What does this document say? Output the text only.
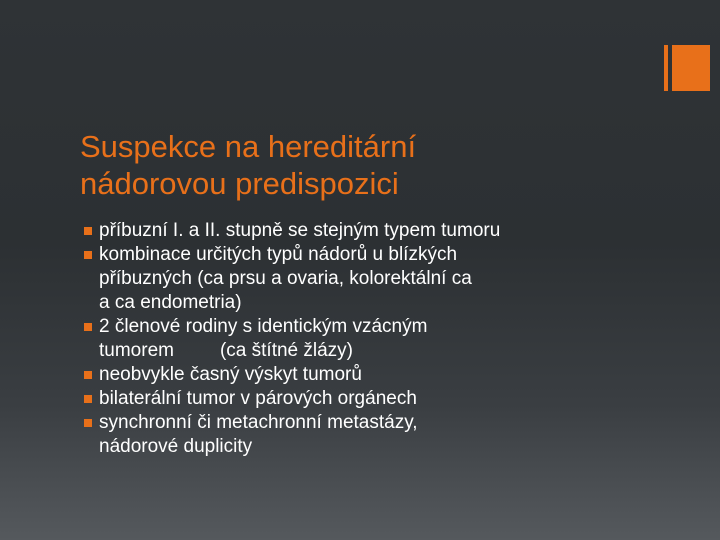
Suspekce na hereditární
nádorovou predispozici
příbuzní I. a II. stupně se stejným typem tumoru
kombinace určitých typů nádorů u blízkých
příbuzných (ca prsu a ovaria, kolorektální ca
a ca endometria)
2 členové rodiny s identickým vzácným
tumorem (ca štítné žlázy)
neobvykle časný výskyt tumorů
bilaterální tumor v párových orgánech
synchronní či metachronní metastázy,
nádorové duplicity
